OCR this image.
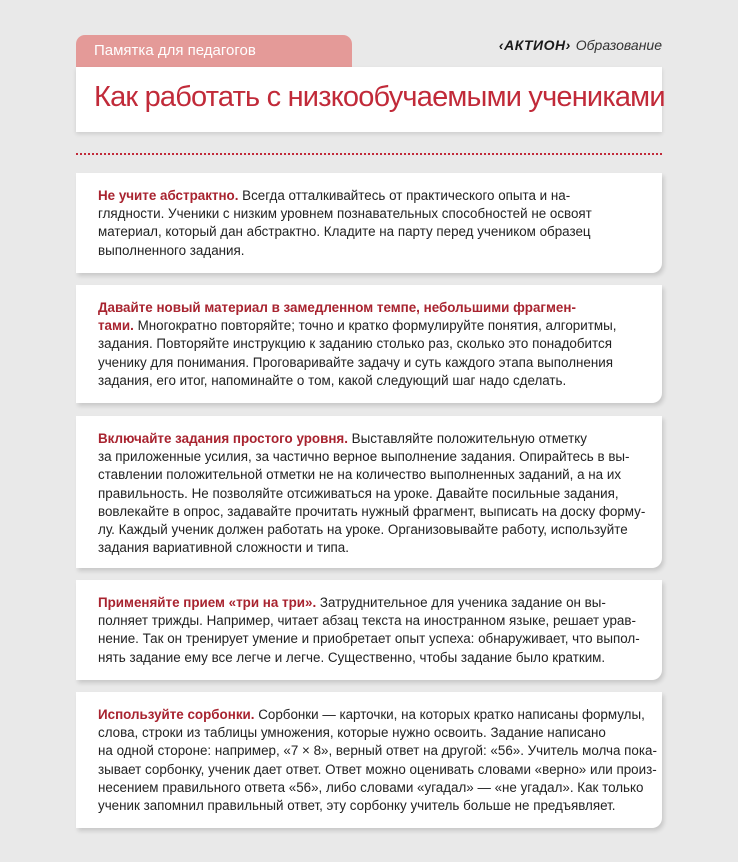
Памятка для педагогов	‹АКТИОН› Образование
Как работать с низкообучаемыми учениками

Не учите абстрактно. Всегда отталкивайтесь от практического опыта и на-

глядности. Ученики с низким уровнем познавательных способностей не освоят

материал, который дан абстрактно. Кладите на парту перед учеником образец

выполненного задания.

Давайте новый материал в замедленном темпе, небольшими фрагмен-

тами. Многократно повторяйте; точно и кратко формулируйте понятия, алгоритмы,

задания. Повторяйте инструкцию к заданию столько раз, сколько это понадобится

ученику для понимания. Проговаривайте задачу и суть каждого этапа выполнения

задания, его итог, напоминайте о том, какой следующий шаг надо сделать.

Включайте задания простого уровня. Выставляйте положительную отметку

за приложенные усилия, за частично верное выполнение задания. Опирайтесь в вы-

ставлении положительной отметки не на количество выполненных заданий, а на их

правильность. Не позволяйте отсиживаться на уроке. Давайте посильные задания,

вовлекайте в опрос, задавайте прочитать нужный фрагмент, выписать на доску форму-

лу. Каждый ученик должен работать на уроке. Организовывайте работу, используйте

задания вариативной сложности и типа.

Применяйте прием «три на три». Затруднительное для ученика задание он вы-

полняет трижды. Например, читает абзац текста на иностранном языке, решает урав-

нение. Так он тренирует умение и приобретает опыт успеха: обнаруживает, что выпол-

нять задание ему все легче и легче. Существенно, чтобы задание было кратким.

Используйте сорбонки. Сорбонки — карточки, на которых кратко написаны формулы,

слова, строки из таблицы умножения, которые нужно освоить. Задание написано

на одной стороне: например, «7 × 8», верный ответ на другой: «56». Учитель молча пока-

зывает сорбонку, ученик дает ответ. Ответ можно оценивать словами «верно» или произ-

несением правильного ответа «56», либо словами «угадал» — «не угадал». Как только

ученик запомнил правильный ответ, эту сорбонку учитель больше не предъявляет.
